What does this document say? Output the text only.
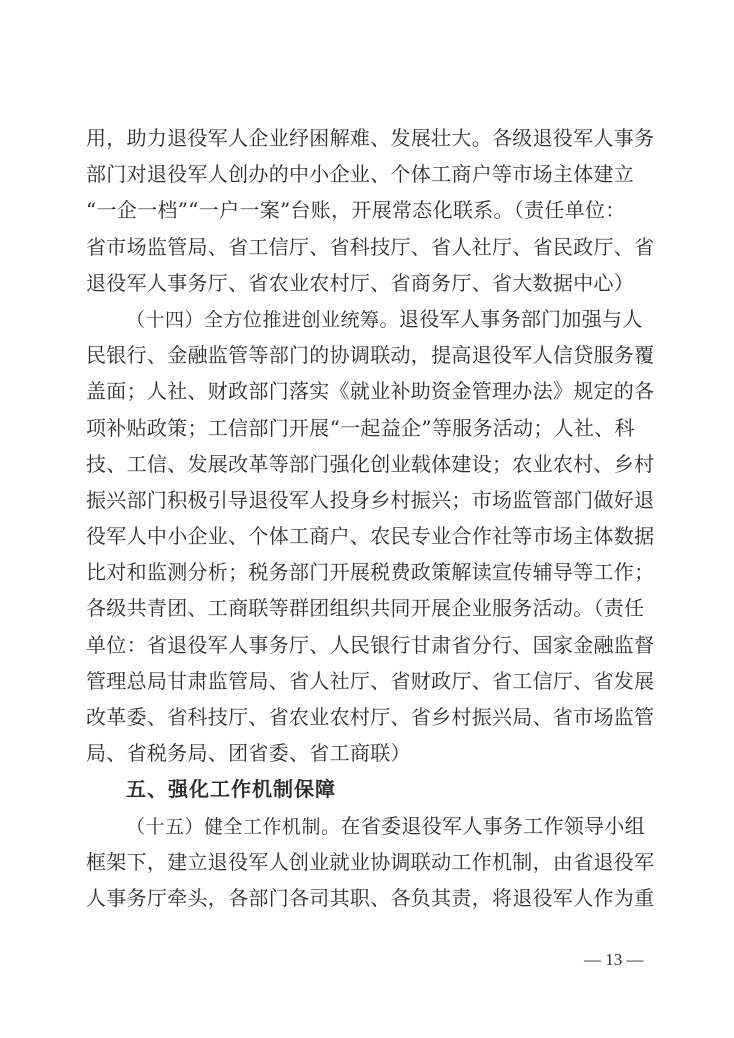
用，助力退役军人企业纾困解难、发展壮大。各级退役军人事务
部门对退役军人创办的中小企业、个体工商户等市场主体建立
“一企一档”“一户一案”台账，开展常态化联系。（责任单位：
省市场监管局、省工信厅、省科技厅、省人社厅、省民政厅、省
退役军人事务厅、省农业农村厅、省商务厅、省大数据中心）
（十四）全方位推进创业统筹。退役军人事务部门加强与人
民银行、金融监管等部门的协调联动，提高退役军人信贷服务覆
盖面；人社、财政部门落实《就业补助资金管理办法》规定的各
项补贴政策；工信部门开展“一起益企”等服务活动；人社、科
技、工信、发展改革等部门强化创业载体建设；农业农村、乡村
振兴部门积极引导退役军人投身乡村振兴；市场监管部门做好退
役军人中小企业、个体工商户、农民专业合作社等市场主体数据
比对和监测分析；税务部门开展税费政策解读宣传辅导等工作；
各级共青团、工商联等群团组织共同开展企业服务活动。（责任
单位：省退役军人事务厅、人民银行甘肃省分行、国家金融监督
管理总局甘肃监管局、省人社厅、省财政厅、省工信厅、省发展
改革委、省科技厅、省农业农村厅、省乡村振兴局、省市场监管
局、省税务局、团省委、省工商联）
五、强化工作机制保障
（十五）健全工作机制。在省委退役军人事务工作领导小组
框架下，建立退役军人创业就业协调联动工作机制，由省退役军
人事务厅牵头，各部门各司其职、各负其责，将退役军人作为重
— 13 —
